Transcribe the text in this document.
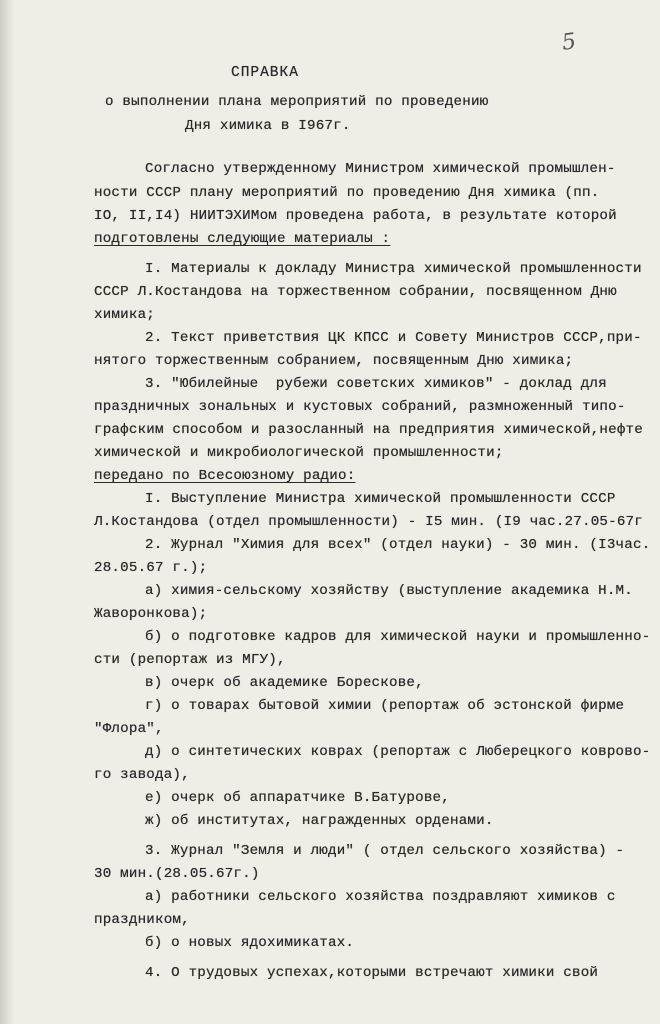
5
СПРАВКА
о выполнении плана мероприятий по проведению
Дня химика в I967г.
Согласно утвержденному Министром химической промышлен-
ности СССР плану мероприятий по проведению Дня химика (пп.
IO, II,I4) НИИТЭХИМом проведена работа, в результате которой
подготовлены следующие материалы :
I. Материалы к докладу Министра химической промышленности
СССР Л.Костандова на торжественном собрании, посвященном Дню
химика;
2. Текст приветствия ЦК КПСС и Совету Министров СССР,при-
нятого торжественным собранием, посвященным Дню химика;
3. "Юбилейные  рубежи советских химиков" - доклад для
праздничных зональных и кустовых собраний, размноженный типо-
графским способом и разосланный на предприятия химической,нефте
химической и микробиологической промышленности;
передано по Всесоюзному радио:
I. Выступление Министра химической промышленности СССР
Л.Костандова (отдел промышленности) - I5 мин. (I9 час.27.05-67г
2. Журнал "Химия для всех" (отдел науки) - 30 мин. (I3час.
28.05.67 г.);
а) химия-сельскому хозяйству (выступление академика Н.М.
Жаворонкова);
б) о подготовке кадров для химической науки и промышленно-
сти (репортаж из МГУ),
в) очерк об академике Борескове,
г) о товарах бытовой химии (репортаж об эстонской фирме
"Флора",
д) о синтетических коврах (репортаж с Люберецкого коврово-
го завода),
е) очерк об аппаратчике В.Батурове,
ж) об институтах, награжденных орденами.
3. Журнал "Земля и люди" ( отдел сельского хозяйства) -
30 мин.(28.05.67г.)
а) работники сельского хозяйства поздравляют химиков с
праздником,
б) о новых ядохимикатах.
4. О трудовых успехах,которыми встречают химики свой
